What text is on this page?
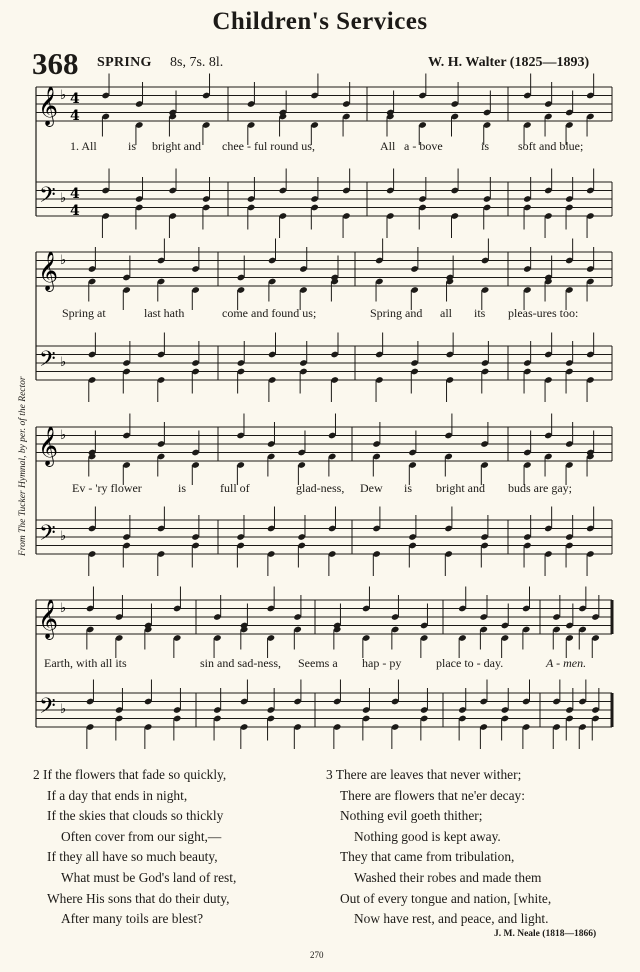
Children's Services
368 SPRING 8s, 7s. 8l.	W. H. Walter (1825—1893)
From The Tucker Hymnal, by per. of the Rector
𝄞
𝄢
♭
♭
4
4
4
4
𝄞
𝄢
♭
♭
𝄞
𝄢
♭
♭
𝄞
𝄢
♭
♭
1. All	is bright and chee - ful round us,	All a - bove	is soft and blue;
Spring at	last hath	come and found us;	Spring and all its pleas-ures too:
Ev - 'ry flower	is	full of	glad-ness, Dew is bright and buds are gay;
Earth, with all its	sin and sad-ness, Seems a hap - py	place to - day.	A - men.
2 If the flowers that fade so quickly,
If a day that ends in night,
If the skies that clouds so thickly
Often cover from our sight,—
If they all have so much beauty,
What must be God's land of rest,
Where His sons that do their duty,
After many toils are blest?
3 There are leaves that never wither;
There are flowers that ne'er decay:
Nothing evil goeth thither;
Nothing good is kept away.
They that came from tribulation,
Washed their robes and made them
Out of every tongue and nation, [white,
Now have rest, and peace, and light.
J. M. Neale (1818—1866)
270
